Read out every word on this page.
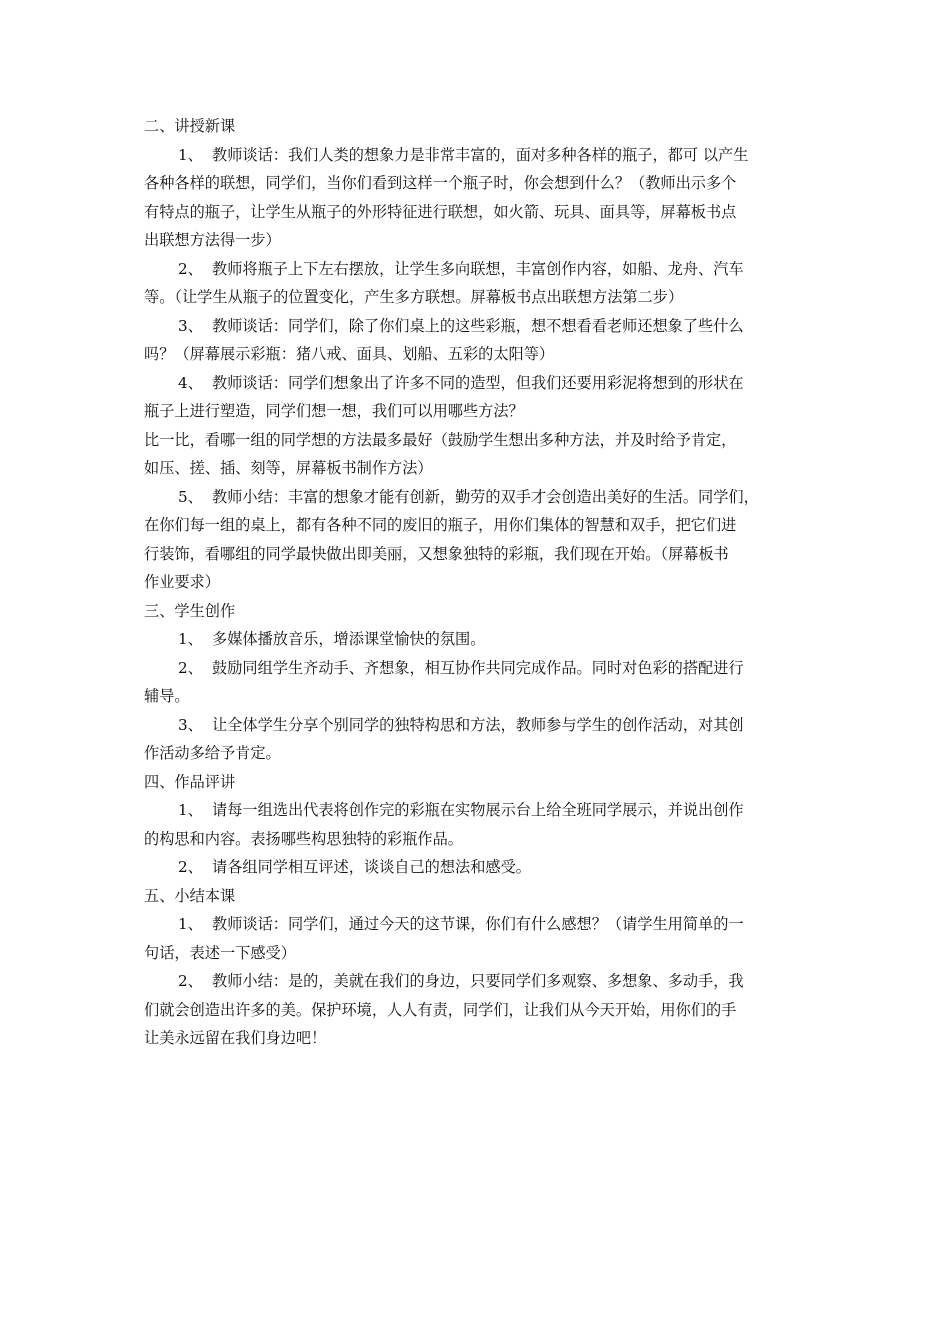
二、讲授新课

1、 教师谈话：我们人类的想象力是非常丰富的，面对多种各样的瓶子，都可 以产生

各种各样的联想，同学们，当你们看到这样一个瓶子时，你会想到什么？（教师出示多个

有特点的瓶子，让学生从瓶子的外形特征进行联想，如火箭、玩具、面具等，屏幕板书点

出联想方法得一步）

2、 教师将瓶子上下左右摆放，让学生多向联想，丰富创作内容，如船、龙舟、汽车

等。（让学生从瓶子的位置变化，产生多方联想。屏幕板书点出联想方法第二步）

3、 教师谈话：同学们，除了你们桌上的这些彩瓶，想不想看看老师还想象了些什么

吗？（屏幕展示彩瓶：猪八戒、面具、划船、五彩的太阳等）

4、 教师谈话：同学们想象出了许多不同的造型，但我们还要用彩泥将想到的形状在

瓶子上进行塑造，同学们想一想，我们可以用哪些方法？

比一比，看哪一组的同学想的方法最多最好（鼓励学生想出多种方法，并及时给予肯定，

如压、搓、插、刻等，屏幕板书制作方法）

5、 教师小结：丰富的想象才能有创新，勤劳的双手才会创造出美好的生活。同学们，

在你们每一组的桌上，都有各种不同的废旧的瓶子，用你们集体的智慧和双手，把它们进

行装饰，看哪组的同学最快做出即美丽，又想象独特的彩瓶，我们现在开始。（屏幕板书

作业要求）

三、学生创作

1、 多媒体播放音乐，增添课堂愉快的氛围。

2、 鼓励同组学生齐动手、齐想象，相互协作共同完成作品。同时对色彩的搭配进行

辅导。

3、 让全体学生分享个别同学的独特构思和方法，教师参与学生的创作活动，对其创

作活动多给予肯定。

四、作品评讲

1、 请每一组选出代表将创作完的彩瓶在实物展示台上给全班同学展示，并说出创作

的构思和内容。表扬哪些构思独特的彩瓶作品。

2、 请各组同学相互评述，谈谈自己的想法和感受。

五、小结本课

1、 教师谈话：同学们，通过今天的这节课，你们有什么感想？（请学生用简单的一

句话，表述一下感受）

2、 教师小结：是的，美就在我们的身边，只要同学们多观察、多想象、多动手，我

们就会创造出许多的美。保护环境，人人有责，同学们，让我们从今天开始，用你们的手

让美永远留在我们身边吧！
